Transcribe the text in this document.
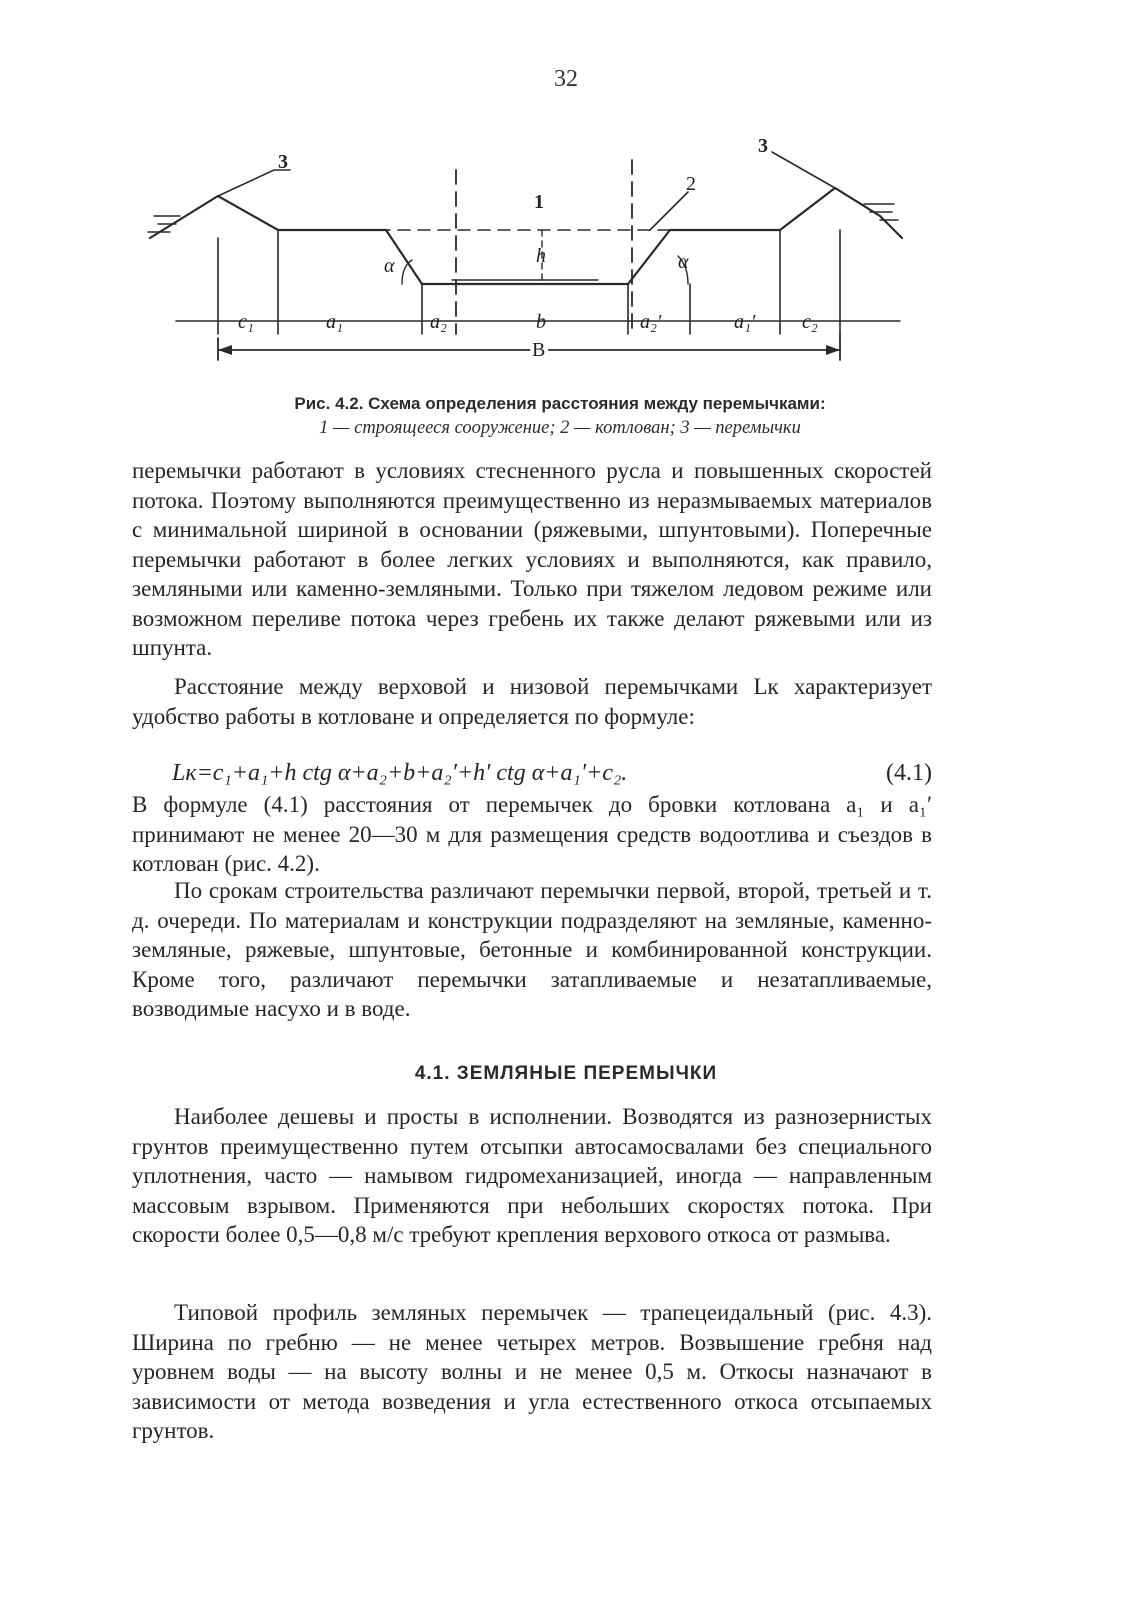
32
3
3
1
2
h
α	α
c₁	a₁	a₂	b	a₂′	a₁′ c₂
B
Рис. 4.2. Схема определения расстояния между перемычками:
1 — строящееся сооружение; 2 — котлован; 3 — перемычки

перемычки работают в условиях стесненного русла и повышенных скоростей потока. Поэтому выполняются преимущественно из неразмываемых материалов с минимальной шириной в основании (ряжевыми, шпунтовыми). Поперечные перемычки работают в более легких условиях и выполняются, как правило, земляными или каменно-земляными. Только при тяжелом ледовом режиме или возможном переливе потока через гребень их также делают ряжевыми или из шпунта.

Расстояние между верховой и низовой перемычками Lк характеризует удобство работы в котловане и определяется по формуле:

Lк=c₁+a₁+h ctg α+a₂+b+a₂′+h′ ctg α+a₁′+c₂.	(4.1)

В формуле (4.1) расстояния от перемычек до бровки котлована a₁ и a₁′ принимают не менее 20—30 м для размещения средств водоотлива и съездов в котлован (рис. 4.2).

По срокам строительства различают перемычки первой, второй, третьей и т. д. очереди. По материалам и конструкции подразделяют на земляные, каменно-земляные, ряжевые, шпунтовые, бетонные и комбинированной конструкции. Кроме того, различают перемычки затапливаемые и незатапливаемые, возводимые насухо и в воде.

4.1. ЗЕМЛЯНЫЕ ПЕРЕМЫЧКИ

Наиболее дешевы и просты в исполнении. Возводятся из разнозернистых грунтов преимущественно путем отсыпки автосамосвалами без специального уплотнения, часто — намывом гидромеханизацией, иногда — направленным массовым взрывом. Применяются при небольших скоростях потока. При скорости более 0,5—0,8 м/с требуют крепления верхового откоса от размыва.

Типовой профиль земляных перемычек — трапецеидальный (рис. 4.3). Ширина по гребню — не менее четырех метров. Возвышение гребня над уровнем воды — на высоту волны и не менее 0,5 м. Откосы назначают в зависимости от метода возведения и угла естественного откоса отсыпаемых грунтов.
